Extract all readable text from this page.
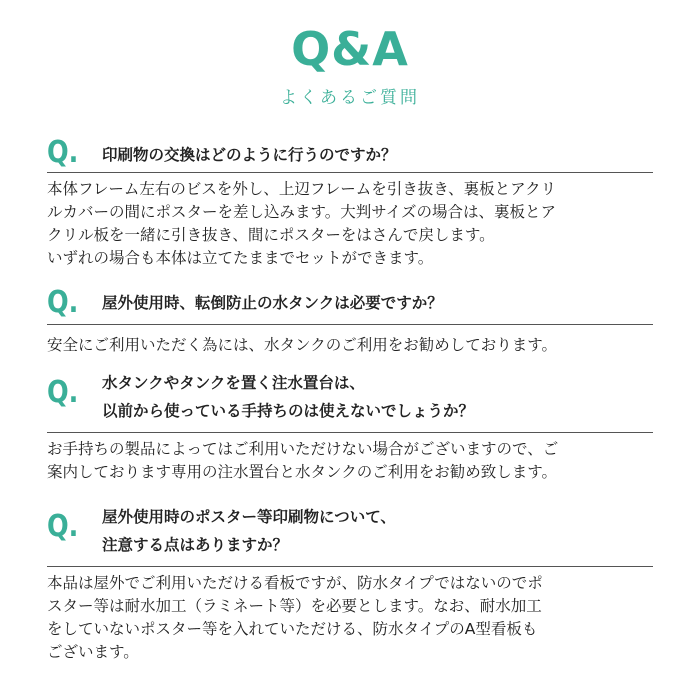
Q&A
よくあるご質問
Q. 印刷物の交換はどのように行うのですか？
本体フレーム左右のビスを外し、上辺フレームを引き抜き、裏板とアクリ
ルカバーの間にポスターを差し込みます。大判サイズの場合は、裏板とア
クリル板を一緒に引き抜き、間にポスターをはさんで戻します。
いずれの場合も本体は立てたままでセットができます。
Q. 屋外使用時、転倒防止の水タンクは必要ですか？
安全にご利用いただく為には、水タンクのご利用をお勧めしております。
Q. 水タンクやタンクを置く注水置台は、
以前から使っている手持ちのは使えないでしょうか？
お手持ちの製品によってはご利用いただけない場合がございますので、ご
案内しております専用の注水置台と水タンクのご利用をお勧め致します。
Q. 屋外使用時のポスター等印刷物について、
注意する点はありますか？
本品は屋外でご利用いただける看板ですが、防水タイプではないのでポ
スター等は耐水加工（ラミネート等）を必要とします。なお、耐水加工
をしていないポスター等を入れていただける、防水タイプのA型看板も
ございます。
